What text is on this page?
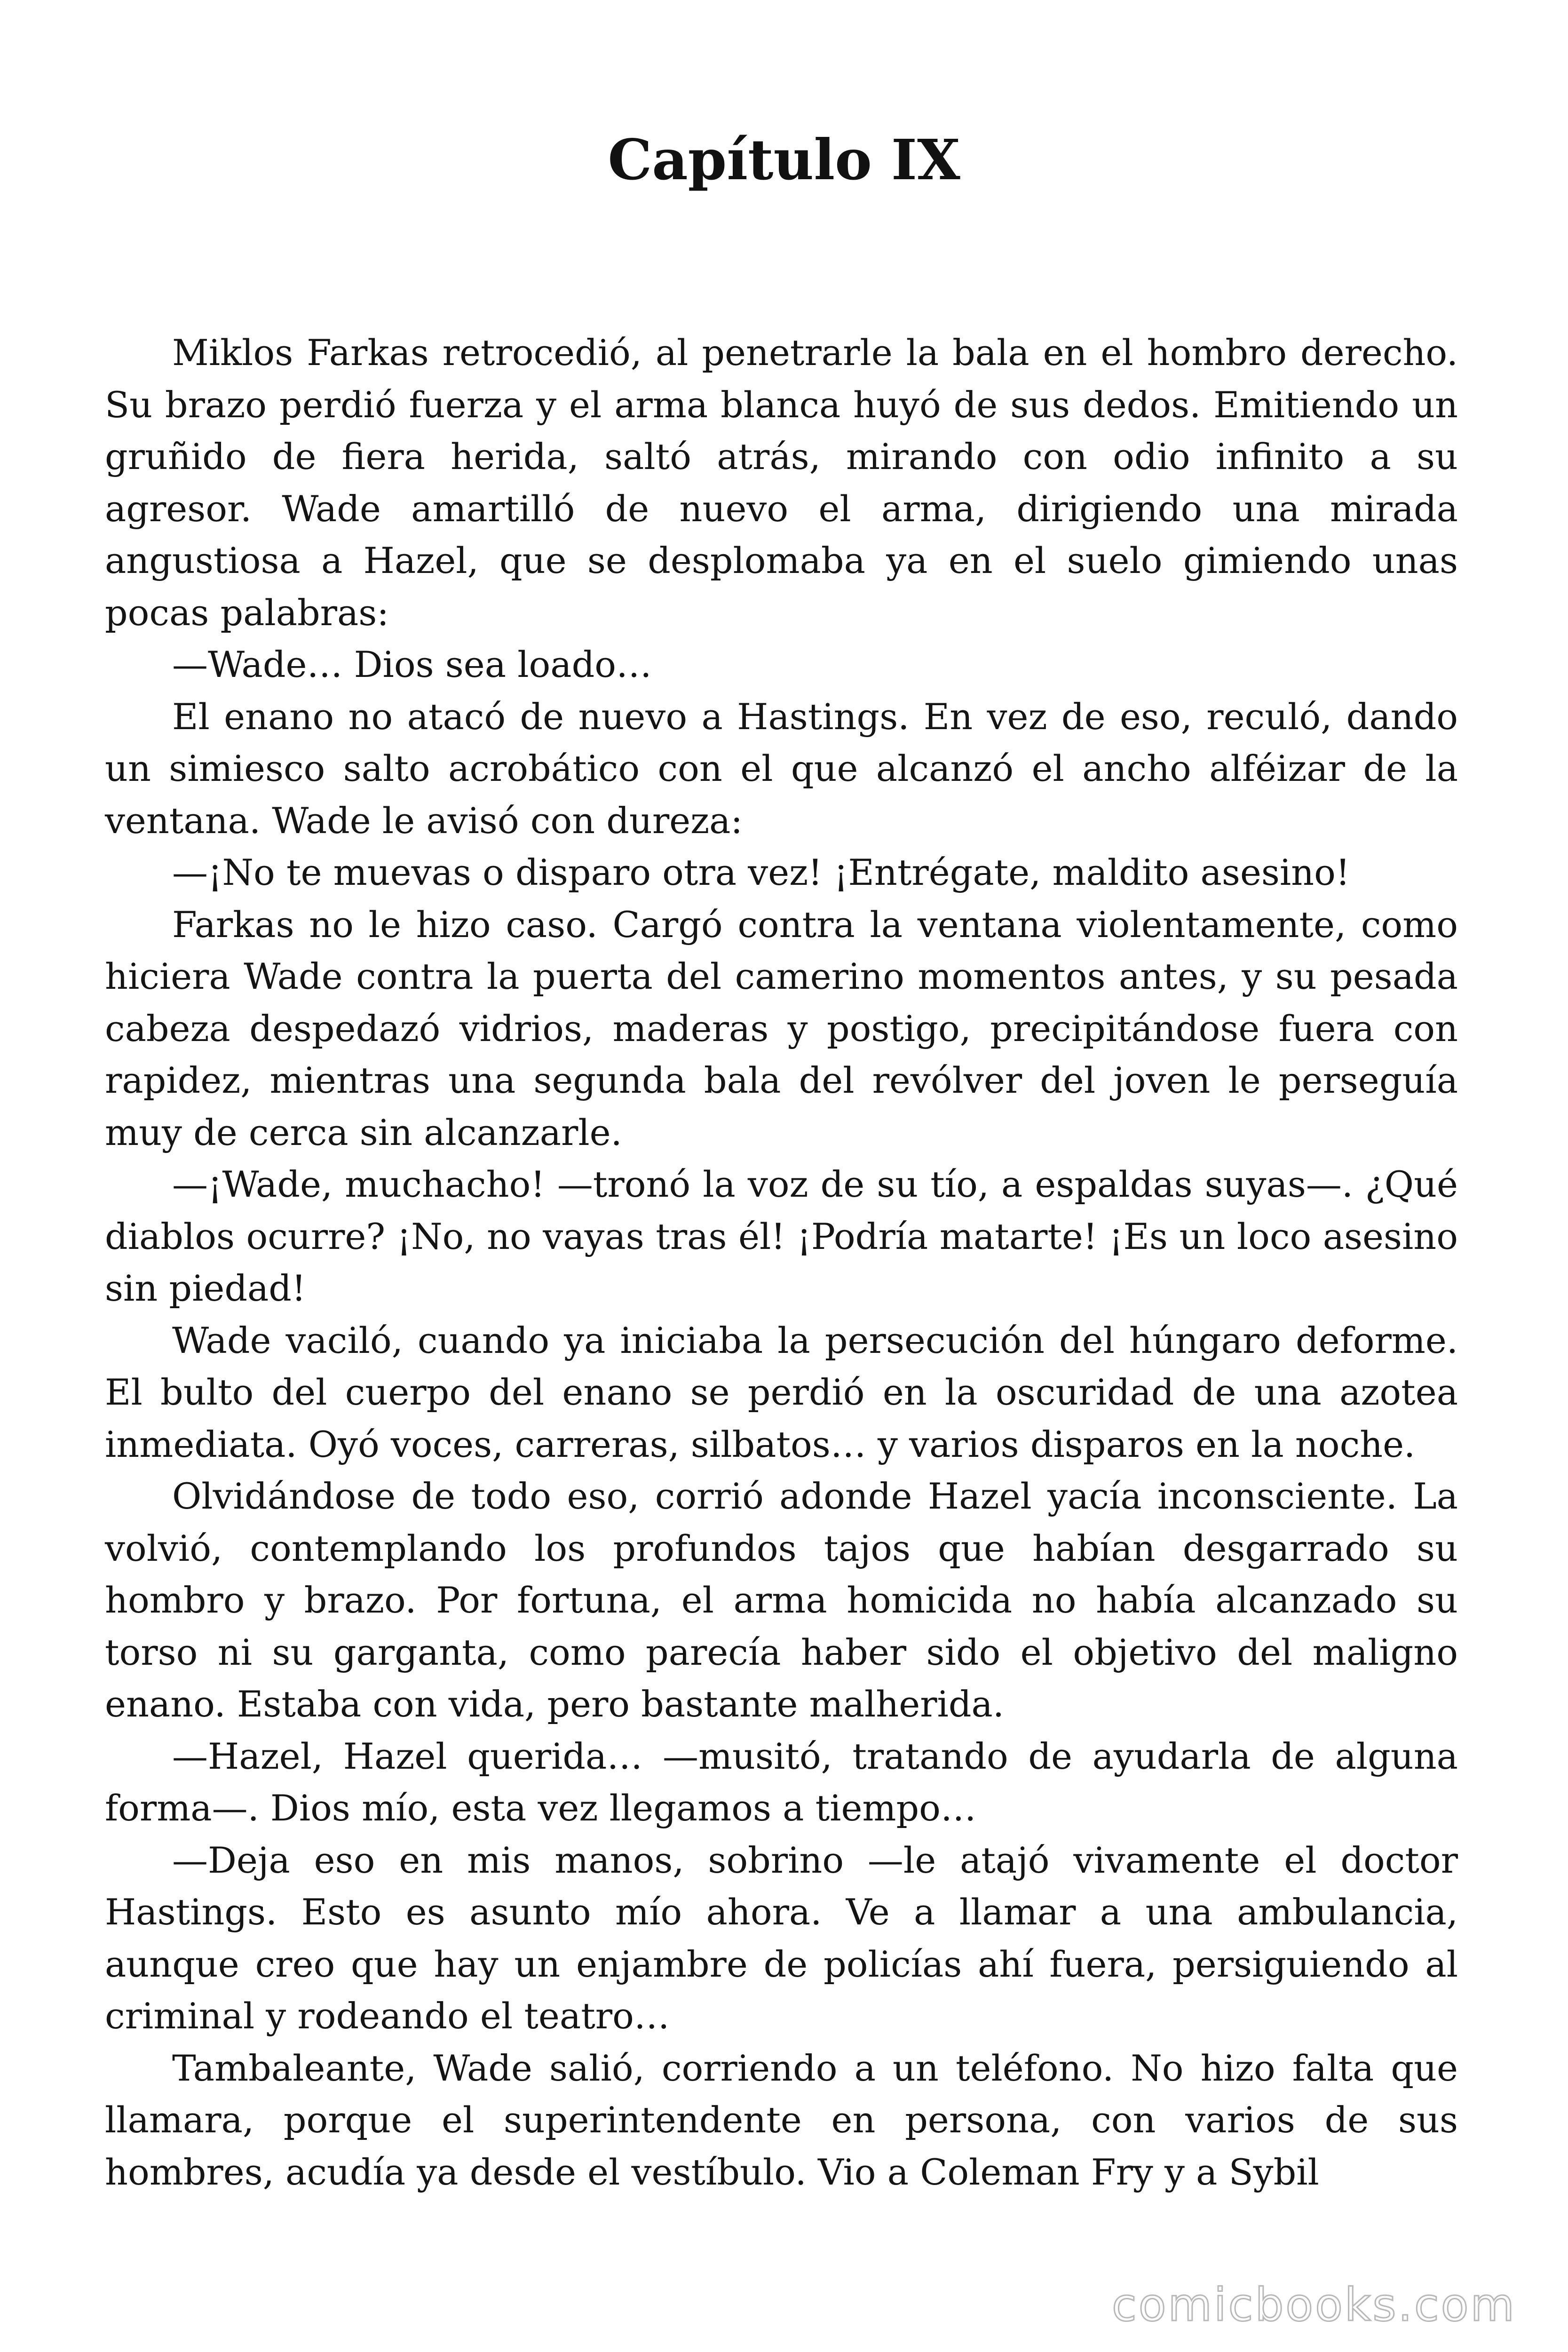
Capítulo IX

Miklos Farkas retrocedió, al penetrarle la bala en el hombro derecho. Su brazo perdió fuerza y el arma blanca huyó de sus dedos. Emitiendo un gruñido de fiera herida, saltó atrás, mirando con odio infinito a su agresor. Wade amartilló de nuevo el arma, dirigiendo una mirada angustiosa a Hazel, que se desplomaba ya en el suelo gimiendo unas pocas palabras:

—Wade… Dios sea loado…

El enano no atacó de nuevo a Hastings. En vez de eso, reculó, dando un simiesco salto acrobático con el que alcanzó el ancho alféizar de la ventana. Wade le avisó con dureza:

—¡No te muevas o disparo otra vez! ¡Entrégate, maldito asesino!

Farkas no le hizo caso. Cargó contra la ventana violentamente, como hiciera Wade contra la puerta del camerino momentos antes, y su pesada cabeza despedazó vidrios, maderas y postigo, precipitándose fuera con rapidez, mientras una segunda bala del revólver del joven le perseguía muy de cerca sin alcanzarle.

—¡Wade, muchacho! —tronó la voz de su tío, a espaldas suyas—. ¿Qué diablos ocurre? ¡No, no vayas tras él! ¡Podría matarte! ¡Es un loco asesino sin piedad!

Wade vaciló, cuando ya iniciaba la persecución del húngaro deforme. El bulto del cuerpo del enano se perdió en la oscuridad de una azotea inmediata. Oyó voces, carreras, silbatos… y varios disparos en la noche.

Olvidándose de todo eso, corrió adonde Hazel yacía inconsciente. La volvió, contemplando los profundos tajos que habían desgarrado su hombro y brazo. Por fortuna, el arma homicida no había alcanzado su torso ni su garganta, como parecía haber sido el objetivo del maligno enano. Estaba con vida, pero bastante malherida.

—Hazel, Hazel querida… —musitó, tratando de ayudarla de alguna forma—. Dios mío, esta vez llegamos a tiempo…

—Deja eso en mis manos, sobrino —le atajó vivamente el doctor Hastings. Esto es asunto mío ahora. Ve a llamar a una ambulancia, aunque creo que hay un enjambre de policías ahí fuera, persiguiendo al criminal y rodeando el teatro…

Tambaleante, Wade salió, corriendo a un teléfono. No hizo falta que llamara, porque el superintendente en persona, con varios de sus hombres, acudía ya desde el vestíbulo. Vio a Coleman Fry y a Sybil

comicbooks.com
